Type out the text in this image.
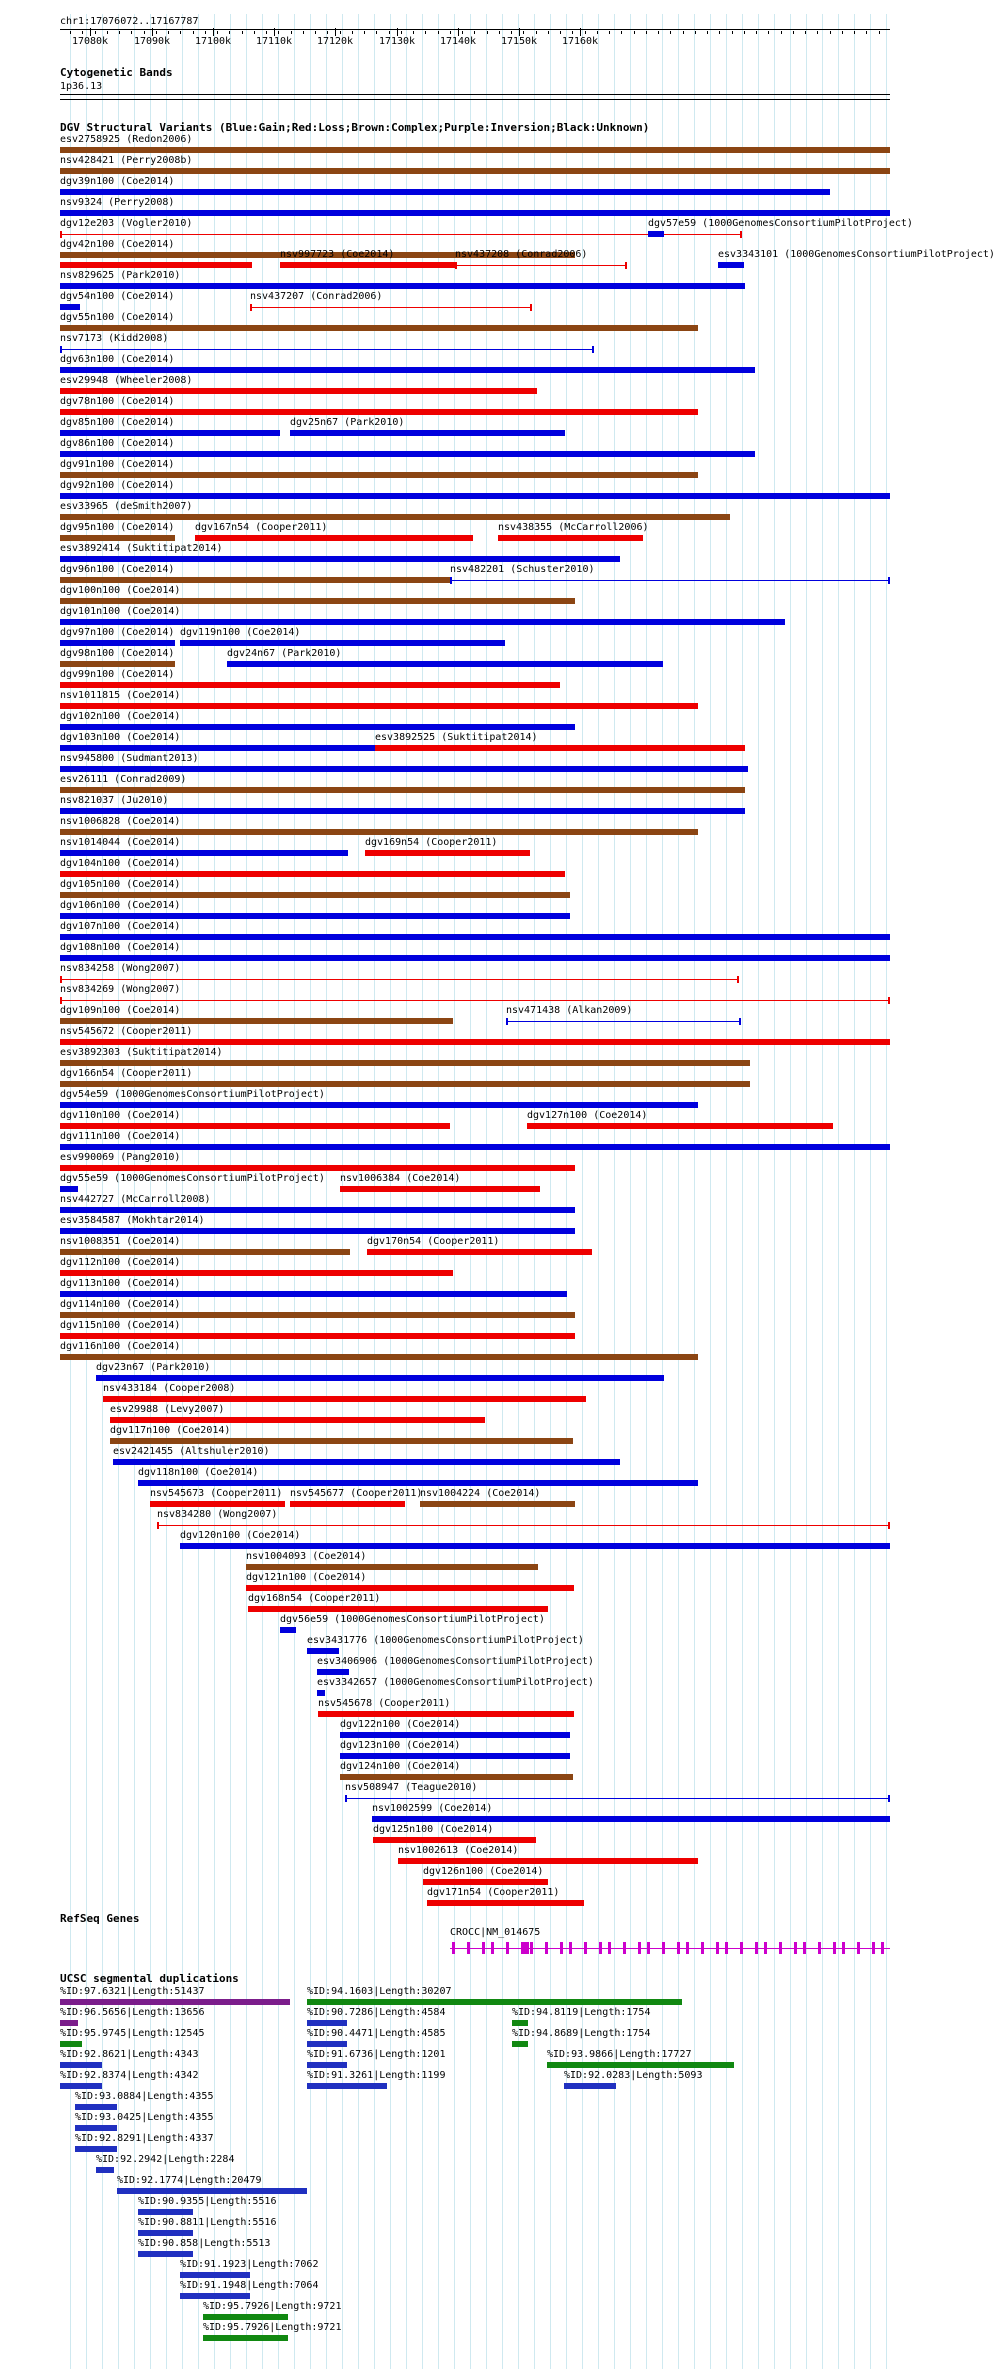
chr1:17076072..17167787
17080k	17090k 17100k 17110k 17120k	17130k 17140k 17150k 17160k
Cytogenetic Bands
1p36.13
DGV Structural Variants (Blue:Gain;Red:Loss;Brown:Complex;Purple:Inversion;Black:Unknown)
esv2758925 (Redon2006)
nsv428421 (Perry2008b)
dgv39n100 (Coe2014)
nsv9324 (Perry2008)
dgv12e203 (Vogler2010)	dgv57e59 (1000GenomesConsortiumPilotProject)
dgv42n100 (Coe2014)
nsv997723 (Coe2014)	nsv437208 (Conrad2006)	esv3343101 (1000GenomesConsortiumPilotProject)
nsv829625 (Park2010)
dgv54n100 (Coe2014)	nsv437207 (Conrad2006)
dgv55n100 (Coe2014)
nsv7173 (Kidd2008)
dgv63n100 (Coe2014)
esv29948 (Wheeler2008)
dgv78n100 (Coe2014)
dgv85n100 (Coe2014)	dgv25n67 (Park2010)
dgv86n100 (Coe2014)
dgv91n100 (Coe2014)
dgv92n100 (Coe2014)
esv33965 (deSmith2007)
dgv95n100 (Coe2014) dgv167n54 (Cooper2011)	nsv438355 (McCarroll2006)
esv3892414 (Suktitipat2014)
dgv96n100 (Coe2014)	nsv482201 (Schuster2010)
dgv100n100 (Coe2014)
dgv101n100 (Coe2014)
dgv97n100 (Coe2014) dgv119n100 (Coe2014)
dgv98n100 (Coe2014)	dgv24n67 (Park2010)
dgv99n100 (Coe2014)
nsv1011815 (Coe2014)
dgv102n100 (Coe2014)
dgv103n100 (Coe2014)	esv3892525 (Suktitipat2014)
nsv945800 (Sudmant2013)
esv26111 (Conrad2009)
nsv821037 (Ju2010)
nsv1006828 (Coe2014)
nsv1014044 (Coe2014)	dgv169n54 (Cooper2011)
dgv104n100 (Coe2014)
dgv105n100 (Coe2014)
dgv106n100 (Coe2014)
dgv107n100 (Coe2014)
dgv108n100 (Coe2014)
nsv834258 (Wong2007)
nsv834269 (Wong2007)
dgv109n100 (Coe2014)	nsv471438 (Alkan2009)
nsv545672 (Cooper2011)
esv3892303 (Suktitipat2014)
dgv166n54 (Cooper2011)
dgv54e59 (1000GenomesConsortiumPilotProject)
dgv110n100 (Coe2014)	dgv127n100 (Coe2014)
dgv111n100 (Coe2014)
esv990069 (Pang2010)
dgv55e59 (1000GenomesConsortiumPilotProject) nsv1006384 (Coe2014)
nsv442727 (McCarroll2008)
esv3584587 (Mokhtar2014)
nsv1008351 (Coe2014)	dgv170n54 (Cooper2011)
dgv112n100 (Coe2014)
dgv113n100 (Coe2014)
dgv114n100 (Coe2014)
dgv115n100 (Coe2014)
dgv116n100 (Coe2014)
dgv23n67 (Park2010)
nsv433184 (Cooper2008)
esv29988 (Levy2007)
dgv117n100 (Coe2014)
esv2421455 (Altshuler2010)
dgv118n100 (Coe2014)
nsv545673 (Cooper2011) nsv545677 (Cooper2011)
nsv1004224 (Coe2014)
nsv834280 (Wong2007)
dgv120n100 (Coe2014)
nsv1004093 (Coe2014)
dgv121n100 (Coe2014)
dgv168n54 (Cooper2011)
dgv56e59 (1000GenomesConsortiumPilotProject)
esv3431776 (1000GenomesConsortiumPilotProject)
esv3406906 (1000GenomesConsortiumPilotProject)
esv3342657 (1000GenomesConsortiumPilotProject)
nsv545678 (Cooper2011)
dgv122n100 (Coe2014)
dgv123n100 (Coe2014)
dgv124n100 (Coe2014)
nsv508947 (Teague2010)
nsv1002599 (Coe2014)
dgv125n100 (Coe2014)
nsv1002613 (Coe2014)
dgv126n100 (Coe2014)
dgv171n54 (Cooper2011)
RefSeq Genes
CROCC|NM_014675
UCSC segmental duplications
%ID:97.6321|Length:51437	%ID:94.1603|Length:30207
%ID:96.5656|Length:13656	%ID:90.7286|Length:4584	%ID:94.8119|Length:1754
%ID:95.9745|Length:12545	%ID:90.4471|Length:4585	%ID:94.8689|Length:1754
%ID:92.8621|Length:4343	%ID:91.6736|Length:1201	%ID:93.9866|Length:17727
%ID:92.8374|Length:4342	%ID:91.3261|Length:1199	%ID:92.0283|Length:5093
%ID:93.0884|Length:4355
%ID:93.0425|Length:4355
%ID:92.8291|Length:4337
%ID:92.2942|Length:2284
%ID:92.1774|Length:20479
%ID:90.9355|Length:5516
%ID:90.8811|Length:5516
%ID:90.858|Length:5513
%ID:91.1923|Length:7062
%ID:91.1948|Length:7064
%ID:95.7926|Length:9721
%ID:95.7926|Length:9721
